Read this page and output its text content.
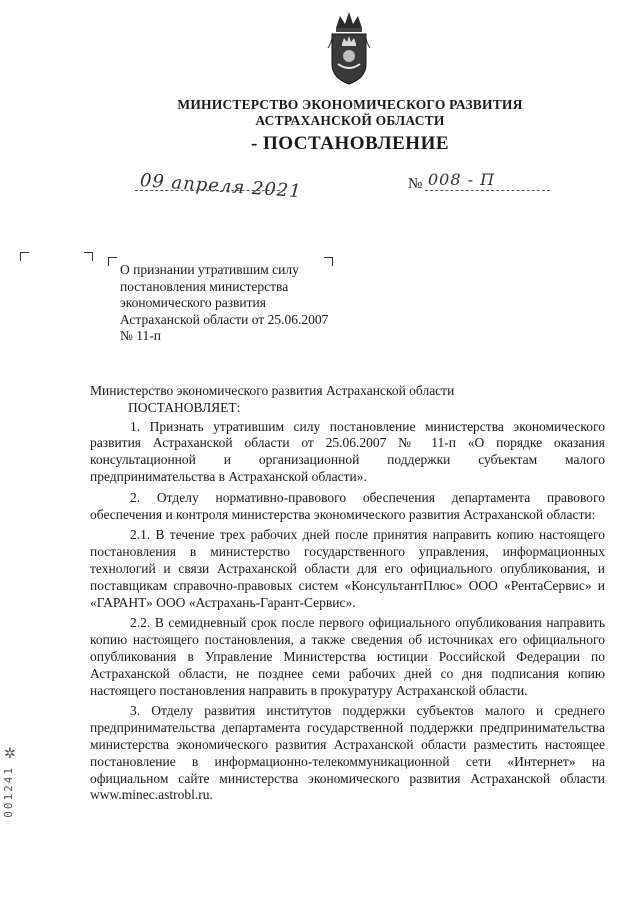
МИНИСТЕРСТВО ЭКОНОМИЧЕСКОГО РАЗВИТИЯ
АСТРАХАНСКОЙ ОБЛАСТИ
- ПОСТАНОВЛЕНИЕ
09 апреля 2021	№ 008 - П
О признании утратившим силу постановления министерства экономического развития Астраханской области от 25.06.2007 № 11-п

Министерство экономического развития Астраханской области

ПОСТАНОВЛЯЕТ:

1. Признать утратившим силу постановление министерства экономического развития Астраханской области от 25.06.2007 № 11-п «О порядке оказания консультационной и организационной поддержки субъектам малого предпринимательства в Астраханской области».

2. Отделу нормативно-правового обеспечения департамента правового обеспечения и контроля министерства экономического развития Астраханской области:

2.1. В течение трех рабочих дней после принятия направить копию настоящего постановления в министерство государственного управления, информационных технологий и связи Астраханской области для его официального опубликования, и поставщикам справочно-правовых систем «КонсультантПлюс» ООО «РентаСервис» и «ГАРАНТ» ООО «Астрахань-Гарант-Сервис».

2.2. В семидневный срок после первого официального опубликования направить копию настоящего постановления, а также сведения об источниках его официального опубликования в Управление Министерства юстиции Российской Федерации по Астраханской области, не позднее семи рабочих дней со дня подписания копию настоящего постановления направить в прокуратуру Астраханской области.

3. Отделу развития институтов поддержки субъектов малого и среднего предпринимательства департамента государственной поддержки предпринимательства министерства экономического развития Астраханской области разместить настоящее постановление в информационно-телекоммуникационной сети «Интернет» на официальном сайте министерства экономического развития Астраханской области www.minec.astrobl.ru.

✲
001241
